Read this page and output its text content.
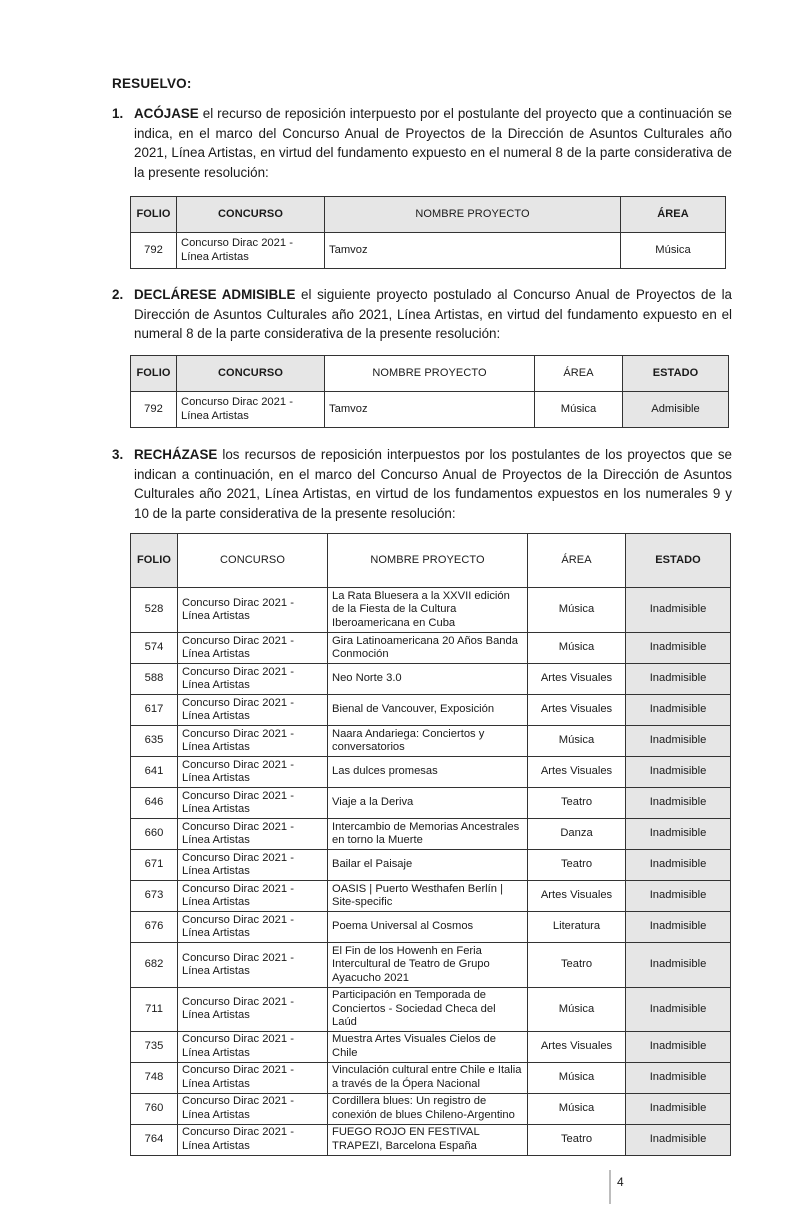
RESUELVO:
1. ACÓJASE el recurso de reposición interpuesto por el postulante del proyecto que a continuación se indica, en el marco del Concurso Anual de Proyectos de la Dirección de Asuntos Culturales año 2021, Línea Artistas, en virtud del fundamento expuesto en el numeral 8 de la parte considerativa de la presente resolución:
FOLIO	CONCURSO	NOMBRE PROYECTO	ÁREA
792	Concurso Dirac 2021 - Línea Artistas	Tamvoz	Música
2. DECLÁRESE ADMISIBLE el siguiente proyecto postulado al Concurso Anual de Proyectos de la Dirección de Asuntos Culturales año 2021, Línea Artistas, en virtud del fundamento expuesto en el numeral 8 de la parte considerativa de la presente resolución:
FOLIO	CONCURSO	NOMBRE PROYECTO	ÁREA	ESTADO
792	Concurso Dirac 2021 - Línea Artistas	Tamvoz	Música	Admisible
3. RECHÁZASE los recursos de reposición interpuestos por los postulantes de los proyectos que se indican a continuación, en el marco del Concurso Anual de Proyectos de la Dirección de Asuntos Culturales año 2021, Línea Artistas, en virtud de los fundamentos expuestos en los numerales 9 y 10 de la parte considerativa de la presente resolución:
FOLIO	CONCURSO	NOMBRE PROYECTO	ÁREA	ESTADO
528	Concurso Dirac 2021 - Línea Artistas	La Rata Bluesera a la XXVII edición de la Fiesta de la Cultura Iberoamericana en Cuba	Música	Inadmisible
574	Concurso Dirac 2021 - Línea Artistas	Gira Latinoamericana 20 Años Banda Conmoción	Música	Inadmisible
588	Concurso Dirac 2021 - Línea Artistas	Neo Norte 3.0	Artes Visuales	Inadmisible
617	Concurso Dirac 2021 - Línea Artistas	Bienal de Vancouver, Exposición	Artes Visuales	Inadmisible
635	Concurso Dirac 2021 - Línea Artistas	Naara Andariega: Conciertos y conversatorios	Música	Inadmisible
641	Concurso Dirac 2021 - Línea Artistas	Las dulces promesas	Artes Visuales	Inadmisible
646	Concurso Dirac 2021 - Línea Artistas	Viaje a la Deriva	Teatro	Inadmisible
660	Concurso Dirac 2021 - Línea Artistas	Intercambio de Memorias Ancestrales en torno la Muerte	Danza	Inadmisible
671	Concurso Dirac 2021 - Línea Artistas	Bailar el Paisaje	Teatro	Inadmisible
673	Concurso Dirac 2021 - Línea Artistas	OASIS | Puerto Westhafen Berlín | Site-specific	Artes Visuales	Inadmisible
676	Concurso Dirac 2021 - Línea Artistas	Poema Universal al Cosmos	Literatura	Inadmisible
682	Concurso Dirac 2021 - Línea Artistas	El Fin de los Howenh en Feria Intercultural de Teatro de Grupo Ayacucho 2021	Teatro	Inadmisible
711	Concurso Dirac 2021 - Línea Artistas	Participación en Temporada de Conciertos - Sociedad Checa del Laúd	Música	Inadmisible
735	Concurso Dirac 2021 - Línea Artistas	Muestra Artes Visuales Cielos de Chile	Artes Visuales	Inadmisible
748	Concurso Dirac 2021 - Línea Artistas	Vinculación cultural entre Chile e Italia a través de la Ópera Nacional	Música	Inadmisible
760	Concurso Dirac 2021 - Línea Artistas	Cordillera blues: Un registro de conexión de blues Chileno-Argentino	Música	Inadmisible
764	Concurso Dirac 2021 - Línea Artistas	FUEGO ROJO EN FESTIVAL TRAPEZI, Barcelona España	Teatro	Inadmisible
4
